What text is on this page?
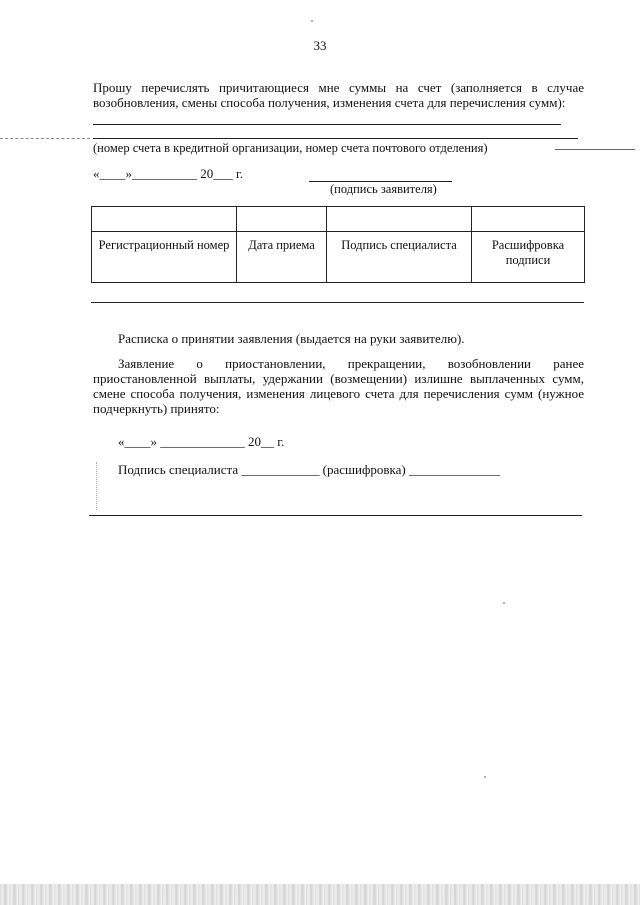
33
Прошу перечислять причитающиеся мне суммы на счет (заполняется в случае возобновления, смены способа получения, изменения счета для перечисления сумм):
(номер счета в кредитной организации, номер счета почтового отделения)
«____»__________ 20___ г.
(подпись заявителя)

Регистрационный номер	Дата приема	Подпись специалиста	Расшифровка подписи
Расписка о принятии заявления (выдается на руки заявителю).
Заявление о приостановлении, прекращении, возобновлении ранее приостановленной выплаты, удержании (возмещении) излишне выплаченных сумм, смене способа получения, изменения лицевого счета для перечисления сумм (нужное подчеркнуть) принято:
«____» _____________ 20__ г.
Подпись специалиста ____________ (расшифровка) ______________
